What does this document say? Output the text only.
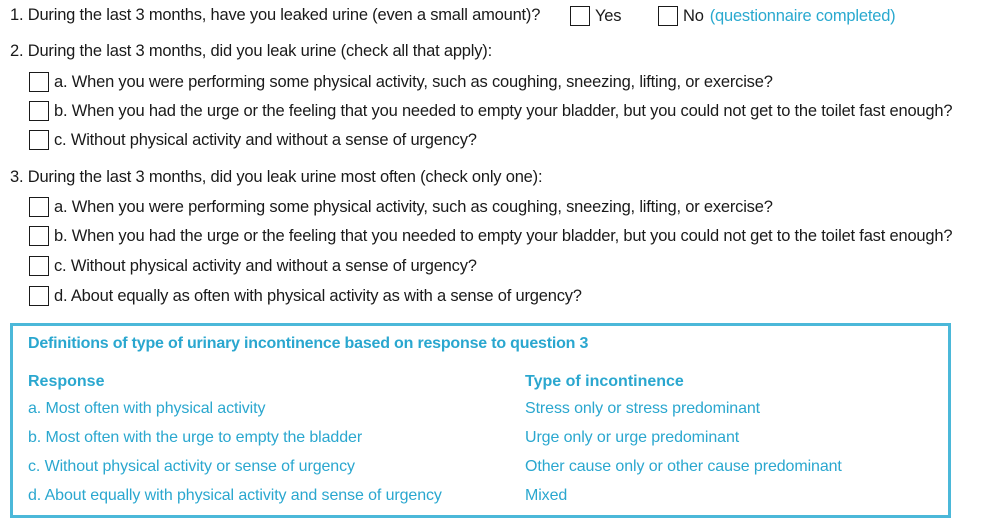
1. During the last 3 months, have you leaked urine (even a small amount)?	Yes	No (questionnaire completed)
2. During the last 3 months, did you leak urine (check all that apply):
a. When you were performing some physical activity, such as coughing, sneezing, lifting, or exercise?
b. When you had the urge or the feeling that you needed to empty your bladder, but you could not get to the toilet fast enough?
c. Without physical activity and without a sense of urgency?
3. During the last 3 months, did you leak urine most often (check only one):
a. When you were performing some physical activity, such as coughing, sneezing, lifting, or exercise?
b. When you had the urge or the feeling that you needed to empty your bladder, but you could not get to the toilet fast enough?
c. Without physical activity and without a sense of urgency?
d. About equally as often with physical activity as with a sense of urgency?
Definitions of type of urinary incontinence based on response to question 3
Response	Type of incontinence
a. Most often with physical activity	Stress only or stress predominant
b. Most often with the urge to empty the bladder	Urge only or urge predominant
c. Without physical activity or sense of urgency	Other cause only or other cause predominant
d. About equally with physical activity and sense of urgency	Mixed
